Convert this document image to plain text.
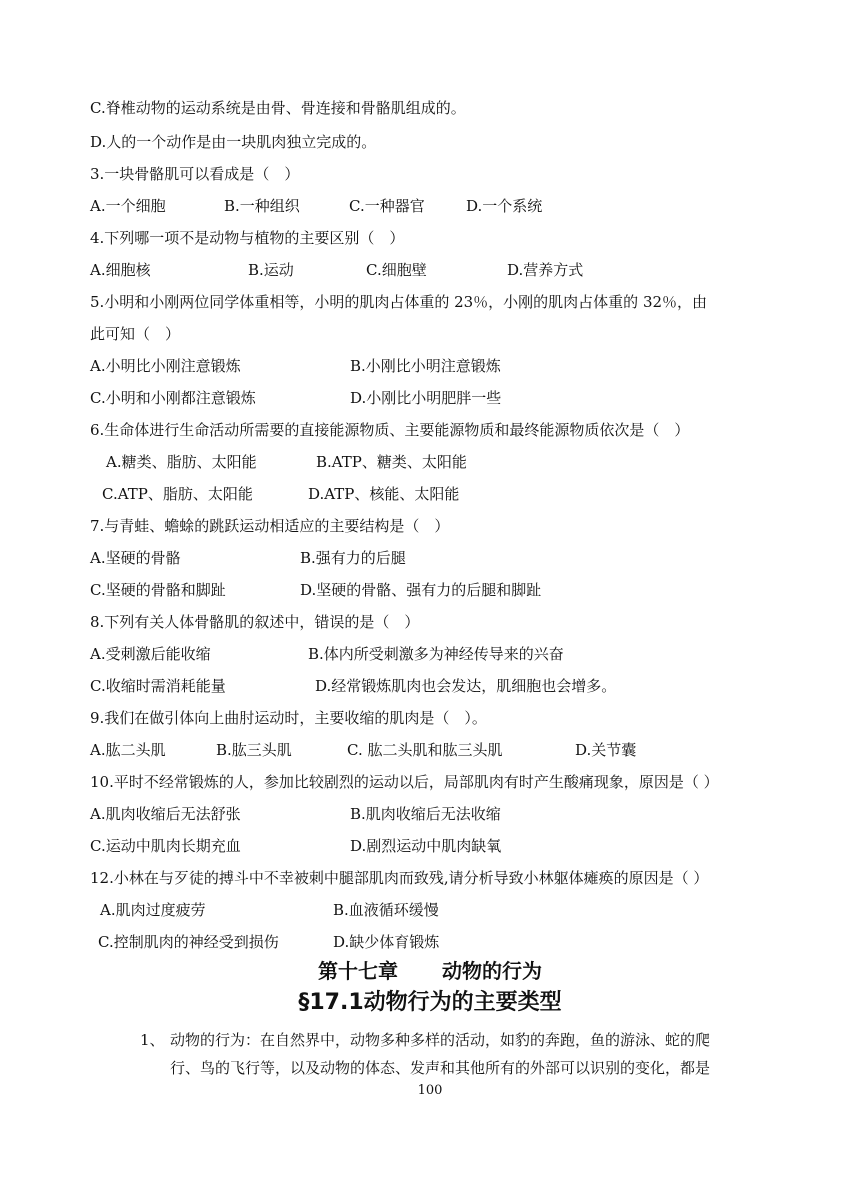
C.脊椎动物的运动系统是由骨、骨连接和骨骼肌组成的。
D.人的一个动作是由一块肌肉独立完成的。
3.一块骨骼肌可以看成是（　）
A.一个细胞	B.一种组织	C.一种器官	D.一个系统
4.下列哪一项不是动物与植物的主要区别（　）
A.细胞核	B.运动	C.细胞壁	D.营养方式
5.小明和小刚两位同学体重相等，小明的肌肉占体重的 23％，小刚的肌肉占体重的 32％，由
此可知（　）
A.小明比小刚注意锻炼	B.小刚比小明注意锻炼
C.小明和小刚都注意锻炼	D.小刚比小明肥胖一些
6.生命体进行生命活动所需要的直接能源物质、主要能源物质和最终能源物质依次是（　）
A.糖类、脂肪、太阳能	B.ATP、糖类、太阳能
C.ATP、脂肪、太阳能	D.ATP、核能、太阳能
7.与青蛙、蟾蜍的跳跃运动相适应的主要结构是（　）
A.坚硬的骨骼	B.强有力的后腿
C.坚硬的骨骼和脚趾	D.坚硬的骨骼、强有力的后腿和脚趾
8.下列有关人体骨骼肌的叙述中，错误的是（　）
A.受刺激后能收缩	B.体内所受刺激多为神经传导来的兴奋
C.收缩时需消耗能量	D.经常锻炼肌肉也会发达，肌细胞也会增多。
9.我们在做引体向上曲肘运动时，主要收缩的肌肉是（　）。
A.肱二头肌	B.肱三头肌	C. 肱二头肌和肱三头肌	D.关节囊
10.平时不经常锻炼的人，参加比较剧烈的运动以后，局部肌肉有时产生酸痛现象，原因是（ ）
A.肌肉收缩后无法舒张	B.肌肉收缩后无法收缩
C.运动中肌肉长期充血	D.剧烈运动中肌肉缺氧
12.小林在与歹徒的搏斗中不幸被刺中腿部肌肉而致残,请分析导致小林躯体瘫痪的原因是（ ）
A.肌肉过度疲劳	B.血液循环缓慢
C.控制肌肉的神经受到损伤	D.缺少体育锻炼
第十七章 动物的行为
§17.1动物行为的主要类型
1、 动物的行为：在自然界中，动物多种多样的活动，如豹的奔跑，鱼的游泳、蛇的爬
行、鸟的飞行等，以及动物的体态、发声和其他所有的外部可以识别的变化，都是
100
